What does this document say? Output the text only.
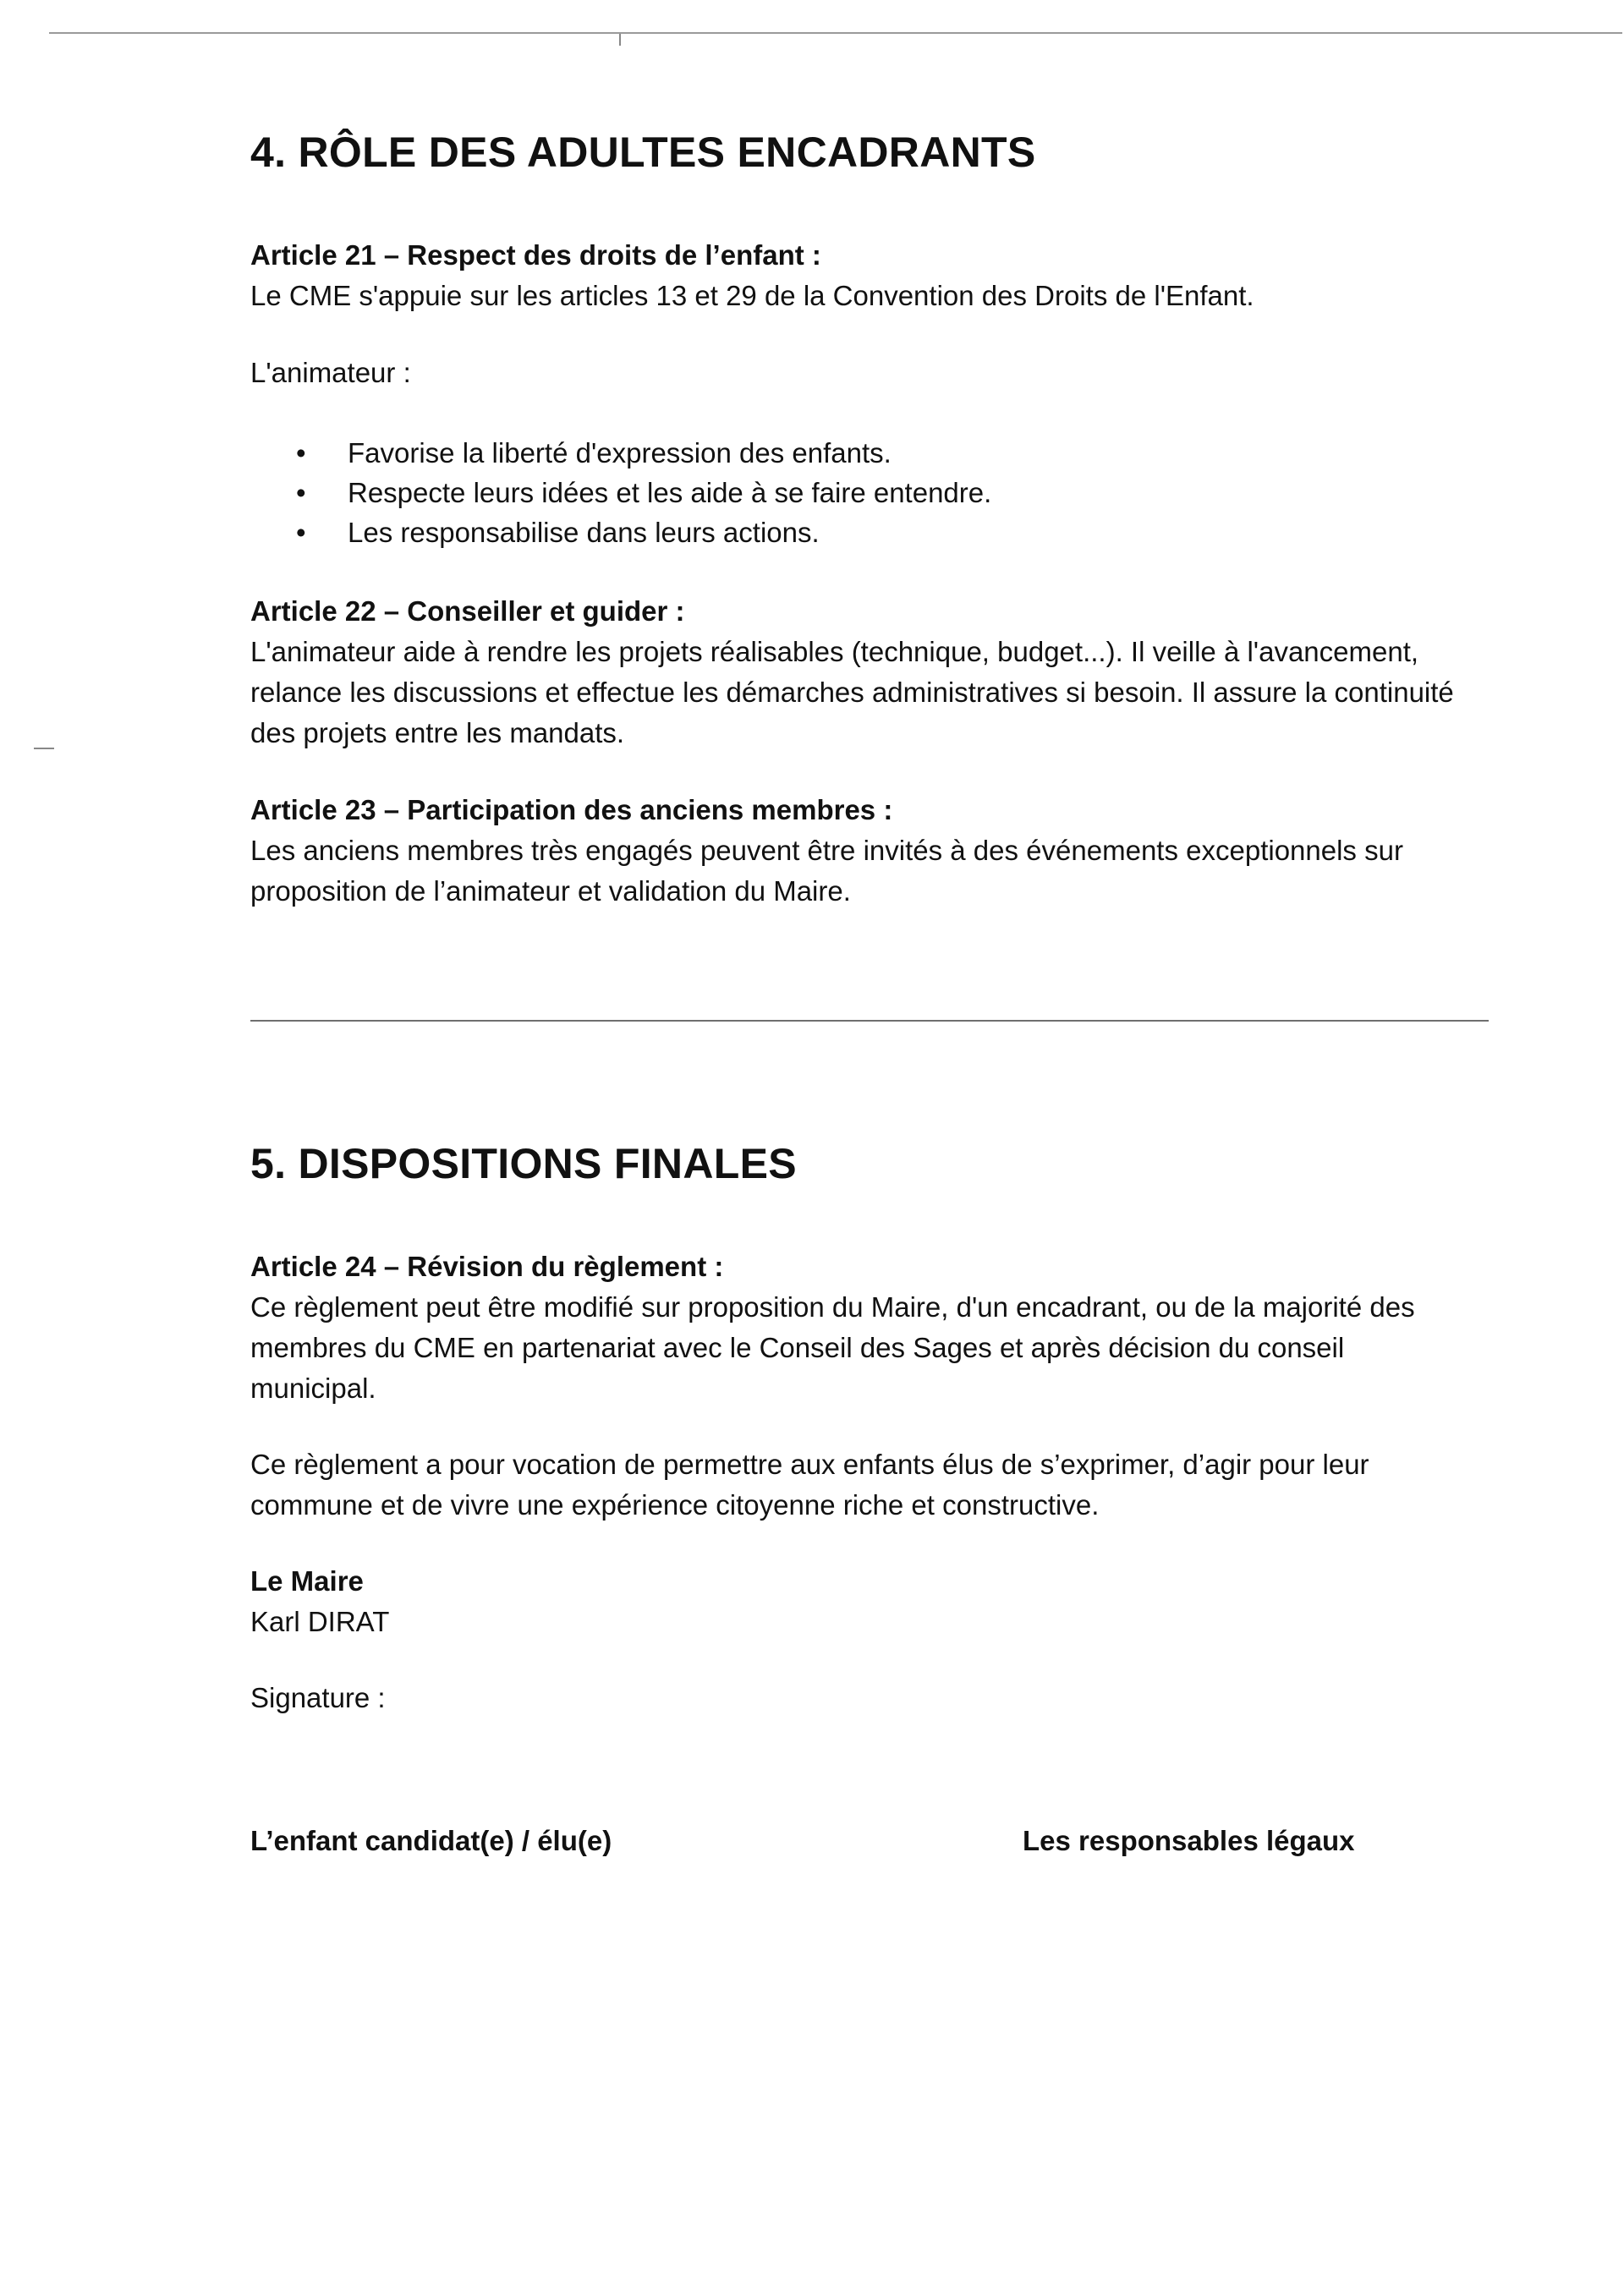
4. RÔLE DES ADULTES ENCADRANTS
Article 21 – Respect des droits de l’enfant :

Le CME s'appuie sur les articles 13 et 29 de la Convention des Droits de l'Enfant.

L'animateur :

• Favorise la liberté d'expression des enfants.
• Respecte leurs idées et les aide à se faire entendre.
• Les responsabilise dans leurs actions.
Article 22 – Conseiller et guider :

L'animateur aide à rendre les projets réalisables (technique, budget...). Il veille à l'avancement, relance les discussions et effectue les démarches administratives si besoin. Il assure la continuité des projets entre les mandats.

Article 23 – Participation des anciens membres :

Les anciens membres très engagés peuvent être invités à des événements exceptionnels sur proposition de l’animateur et validation du Maire.

5. DISPOSITIONS FINALES
Article 24 – Révision du règlement :

Ce règlement peut être modifié sur proposition du Maire, d'un encadrant, ou de la majorité des membres du CME en partenariat avec le Conseil des Sages et après décision du conseil municipal.

Ce règlement a pour vocation de permettre aux enfants élus de s’exprimer, d’agir pour leur commune et de vivre une expérience citoyenne riche et constructive.

Le Maire

Karl DIRAT

Signature :

L’enfant candidat(e) / élu(e)	Les responsables légaux
